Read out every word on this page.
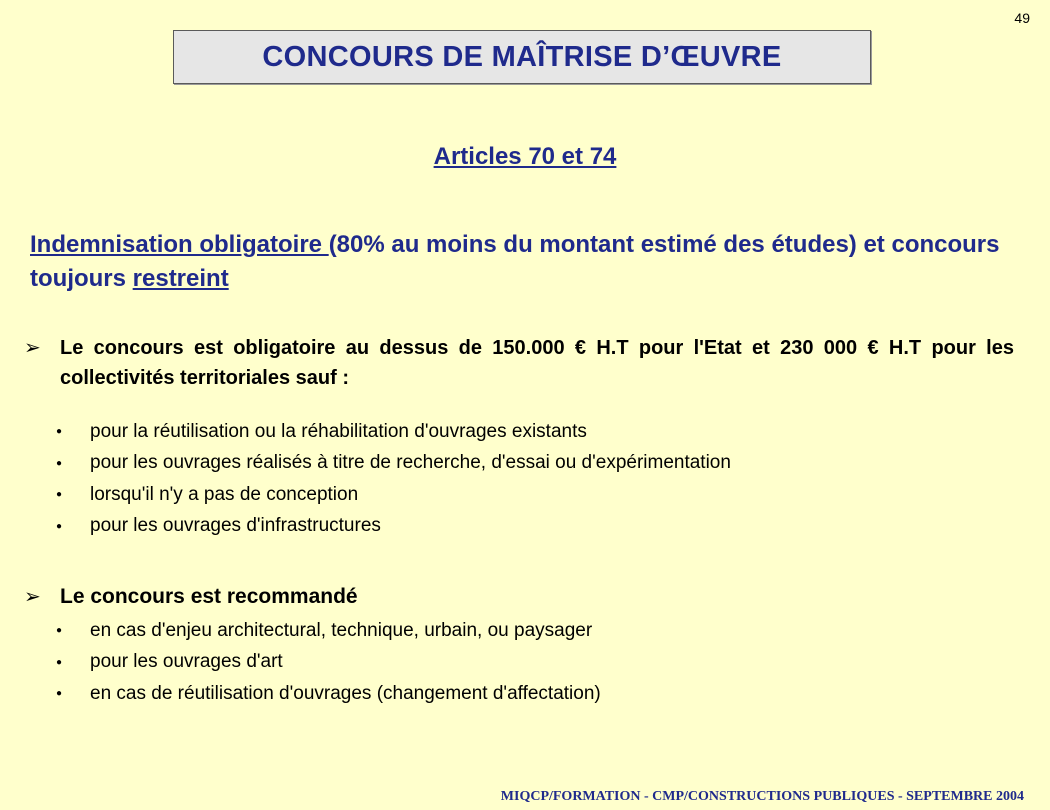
49
CONCOURS DE MAÎTRISE D’ŒUVRE
Articles 70 et 74
Indemnisation obligatoire (80% au moins du montant estimé des études) et concours toujours restreint
➢ Le concours est obligatoire au dessus de 150.000 € H.T pour l'Etat et 230 000 € H.T pour les collectivités territoriales sauf :
●	pour la réutilisation ou la réhabilitation d'ouvrages existants
●	pour les ouvrages réalisés à titre de recherche, d'essai ou d'expérimentation
●	lorsqu'il n'y a pas de conception
●	pour les ouvrages d'infrastructures
➢ Le concours est recommandé
●	en cas d'enjeu architectural, technique, urbain, ou paysager
●	pour les ouvrages d'art
●	en cas de réutilisation d'ouvrages (changement d'affectation)
MIQCP/FORMATION - CMP/CONSTRUCTIONS PUBLIQUES - SEPTEMBRE 2004
